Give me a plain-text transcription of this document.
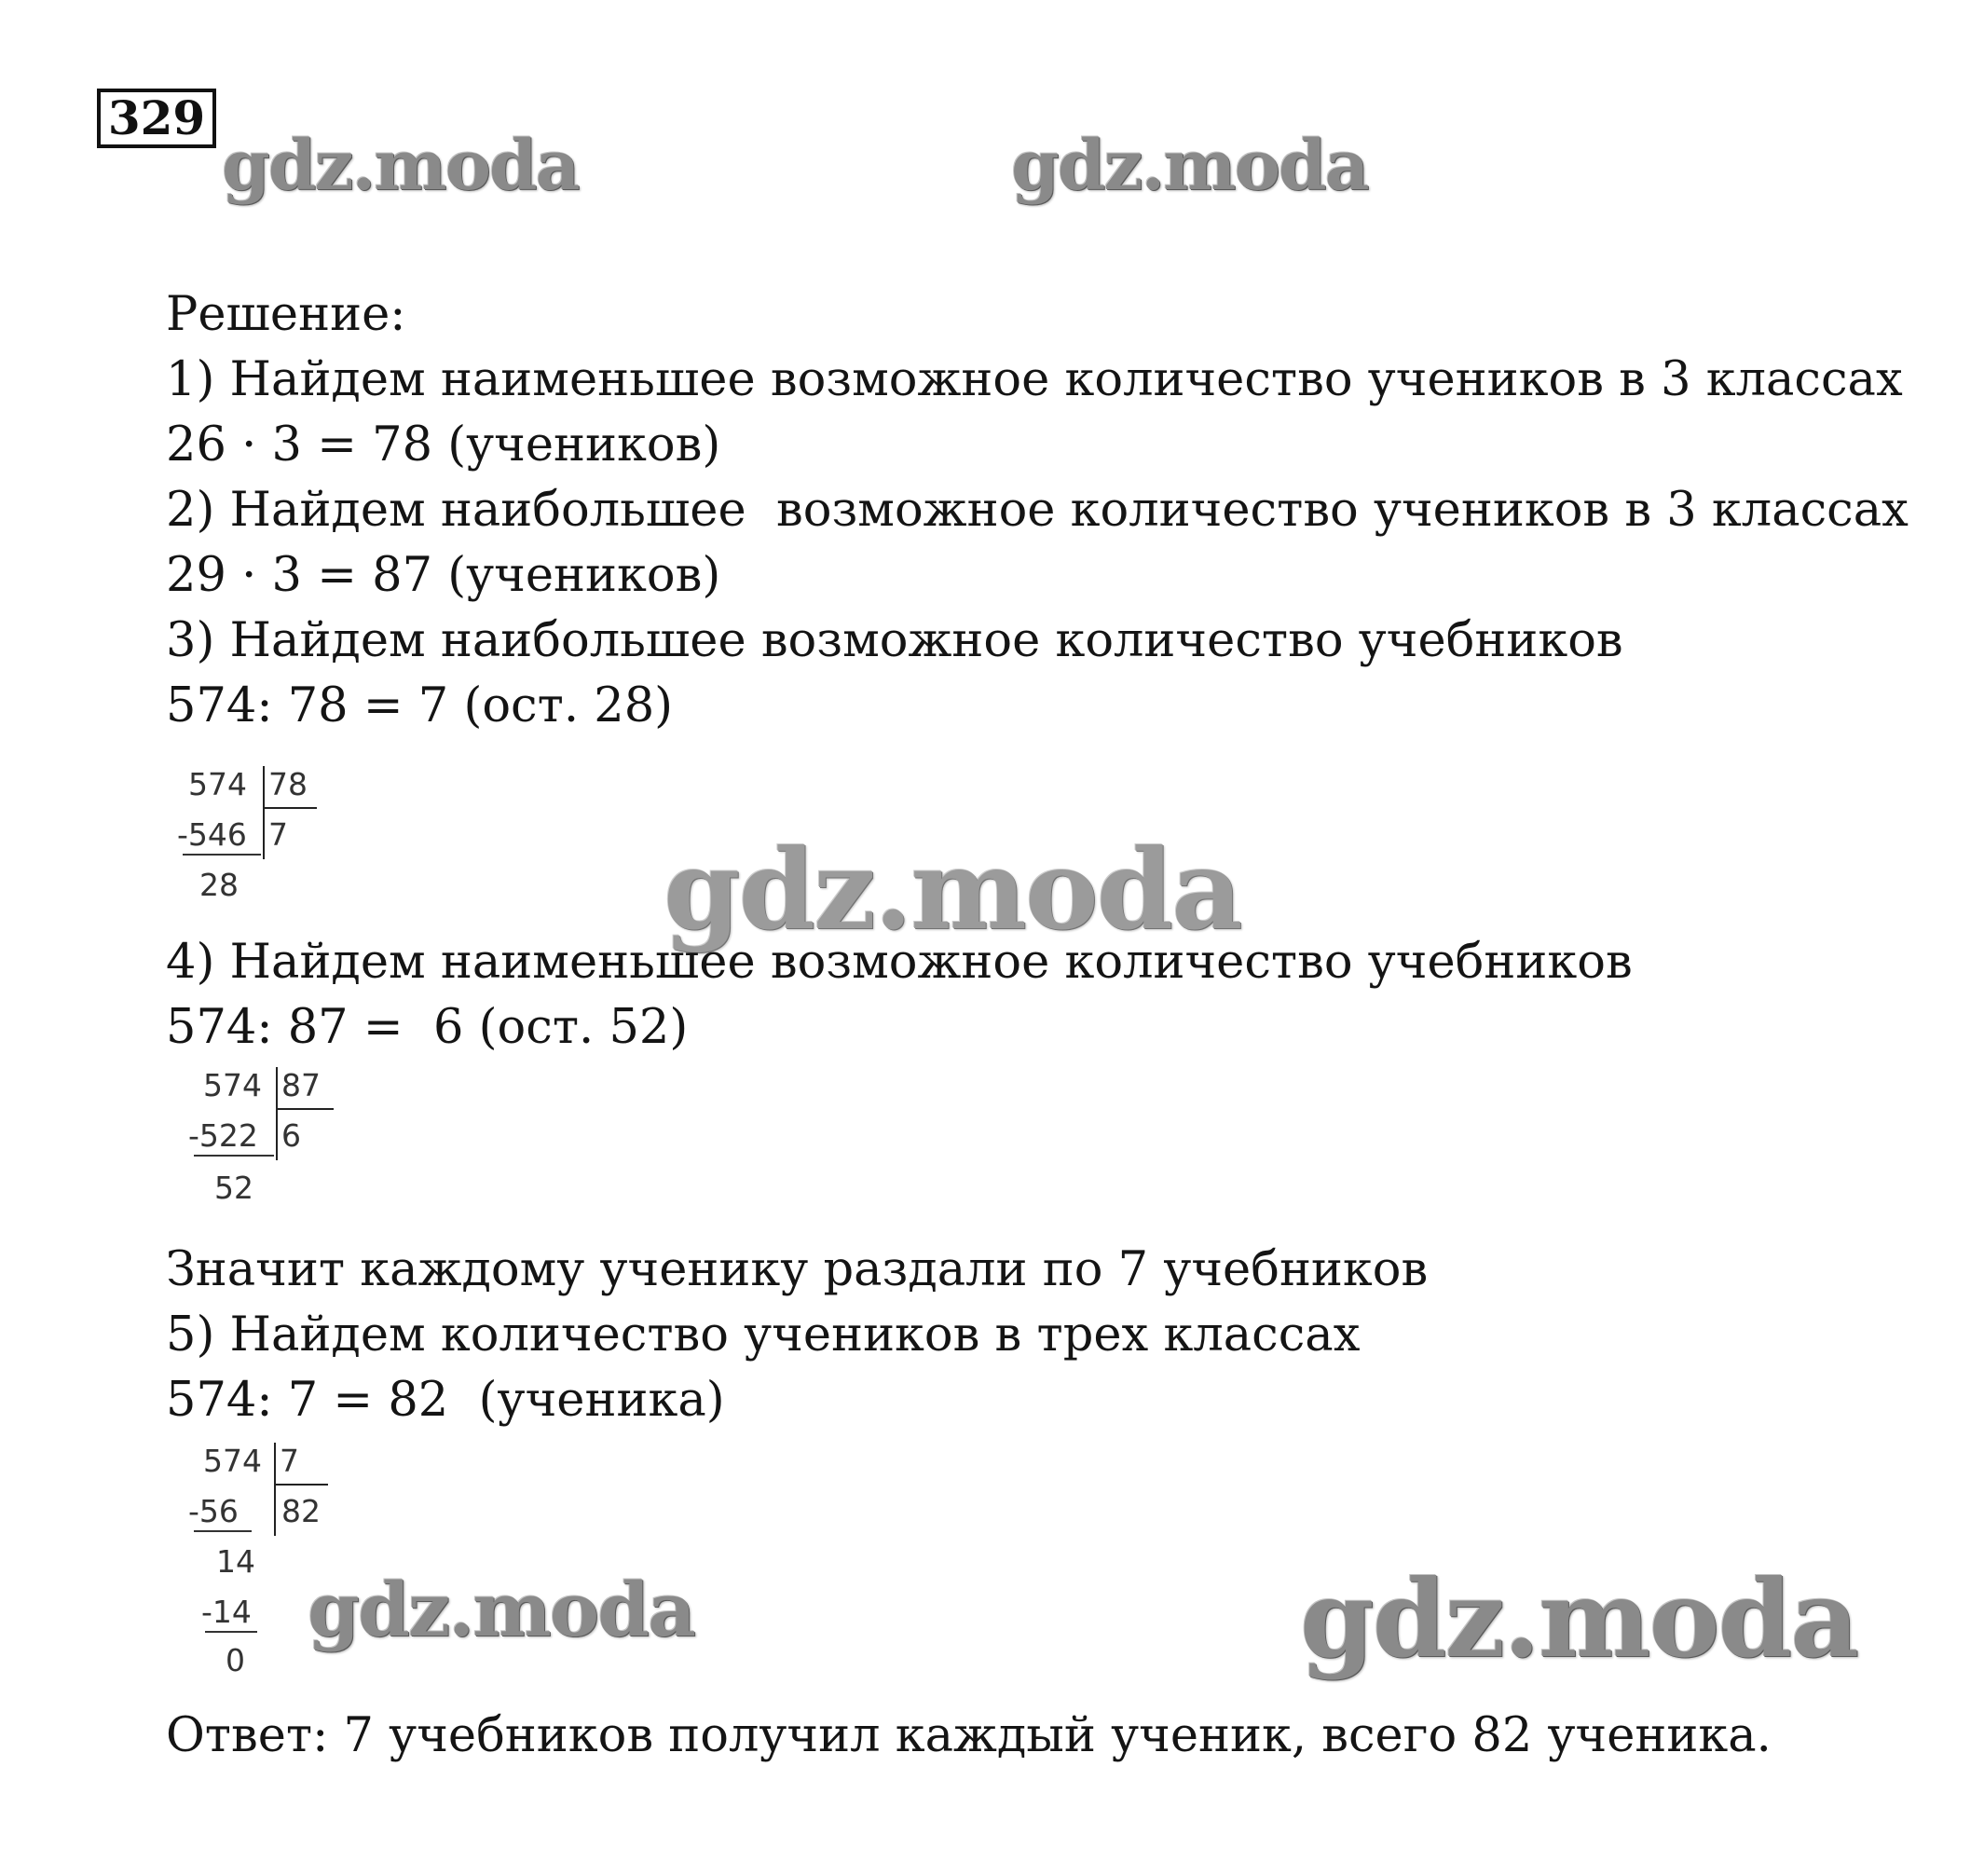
329
gdz.moda	gdz.moda
Решение:
1) Найдем наименьшее возможное количество учеников в 3 классах
26 · 3 = 78 (учеников)
2) Найдем наибольшее  возможное количество учеников в 3 классах
29 · 3 = 87 (учеников)
3) Найдем наибольшее возможное количество учебников
574: 78 = 7 (ост. 28)
574 78
-546 7
28	gdz.moda
4) Найдем наименьшее возможное количество учебников
574: 87 =  6 (ост. 52)
574 87
-522 6
52
Значит каждому ученику раздали по 7 учебников
5) Найдем количество учеников в трех классах
574: 7 = 82  (ученика)
574 7
-56 82
14
-14
0
gdz.moda	gdz.moda
Ответ: 7 учебников получил каждый ученик, всего 82 ученика.
